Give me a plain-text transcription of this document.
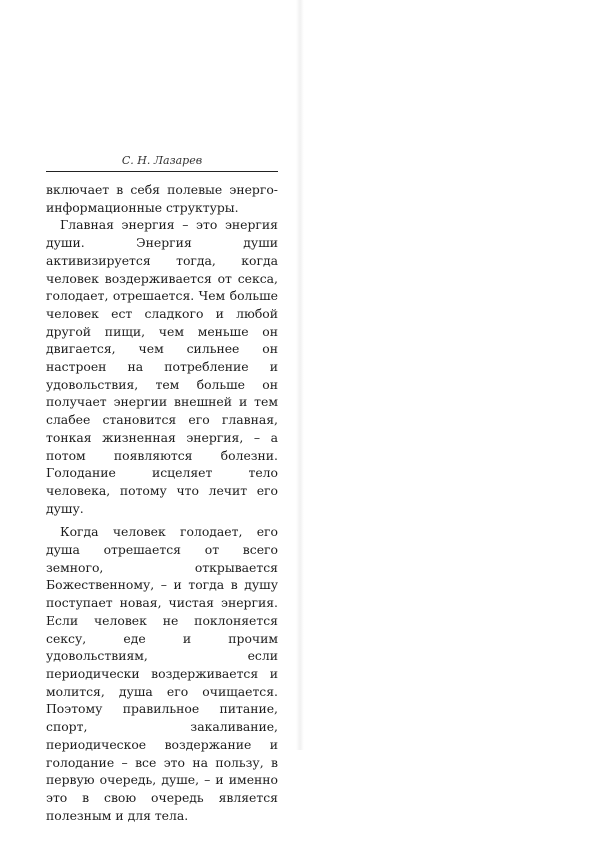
С. Н. Лазарев

включает в себя полевые энерго-информационные структуры.

Главная энергия – это энергия души. Энергия души активизируется тогда, когда человек воздерживается от секса, голодает, отрешается. Чем больше человек ест сладкого и любой другой пищи, чем меньше он двигается, чем сильнее он настроен на потребление и удовольствия, тем больше он получает энергии внешней и тем слабее становится его главная, тонкая жизненная энергия, – а потом появляются болезни. Голодание исцеляет тело человека, потому что лечит его душу.

Когда человек голодает, его душа отрешается от всего земного, открывается Божественному, – и тогда в душу поступает новая, чистая энергия. Если человек не поклоняется сексу, еде и прочим удовольствиям, если периодически воздерживается и молится, душа его очищается. Поэтому правильное питание, спорт, закаливание, периодическое воздержание и голодание – все это на пользу, в первую очередь, душе, – и именно это в свою очередь является полезным и для тела.
